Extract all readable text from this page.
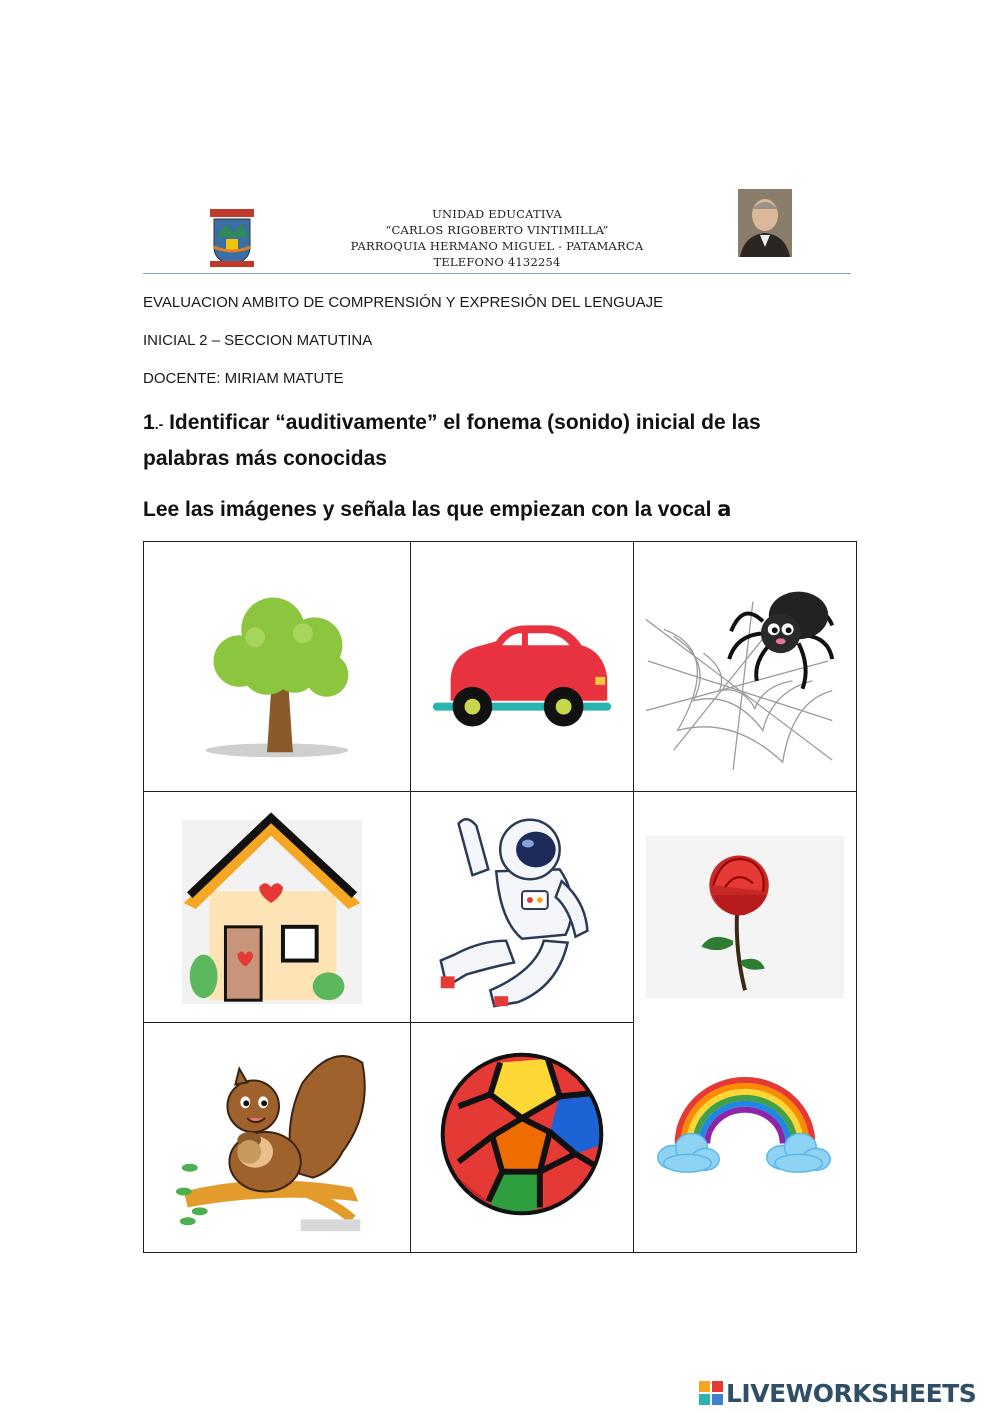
UNIDAD EDUCATIVA
“CARLOS RIGOBERTO VINTIMILLA”
PARROQUIA HERMANO MIGUEL - PATAMARCA
TELEFONO 4132254
EVALUACION AMBITO DE COMPRENSIÓN Y EXPRESIÓN DEL LENGUAJE
INICIAL 2 – SECCION MATUTINA
DOCENTE: MIRIAM MATUTE
1.- Identificar “auditivamente” el fonema (sonido) inicial de las
palabras más conocidas
Lee las imágenes y señala las que empiezan con la vocal a
LIVEWORKSHEETS
